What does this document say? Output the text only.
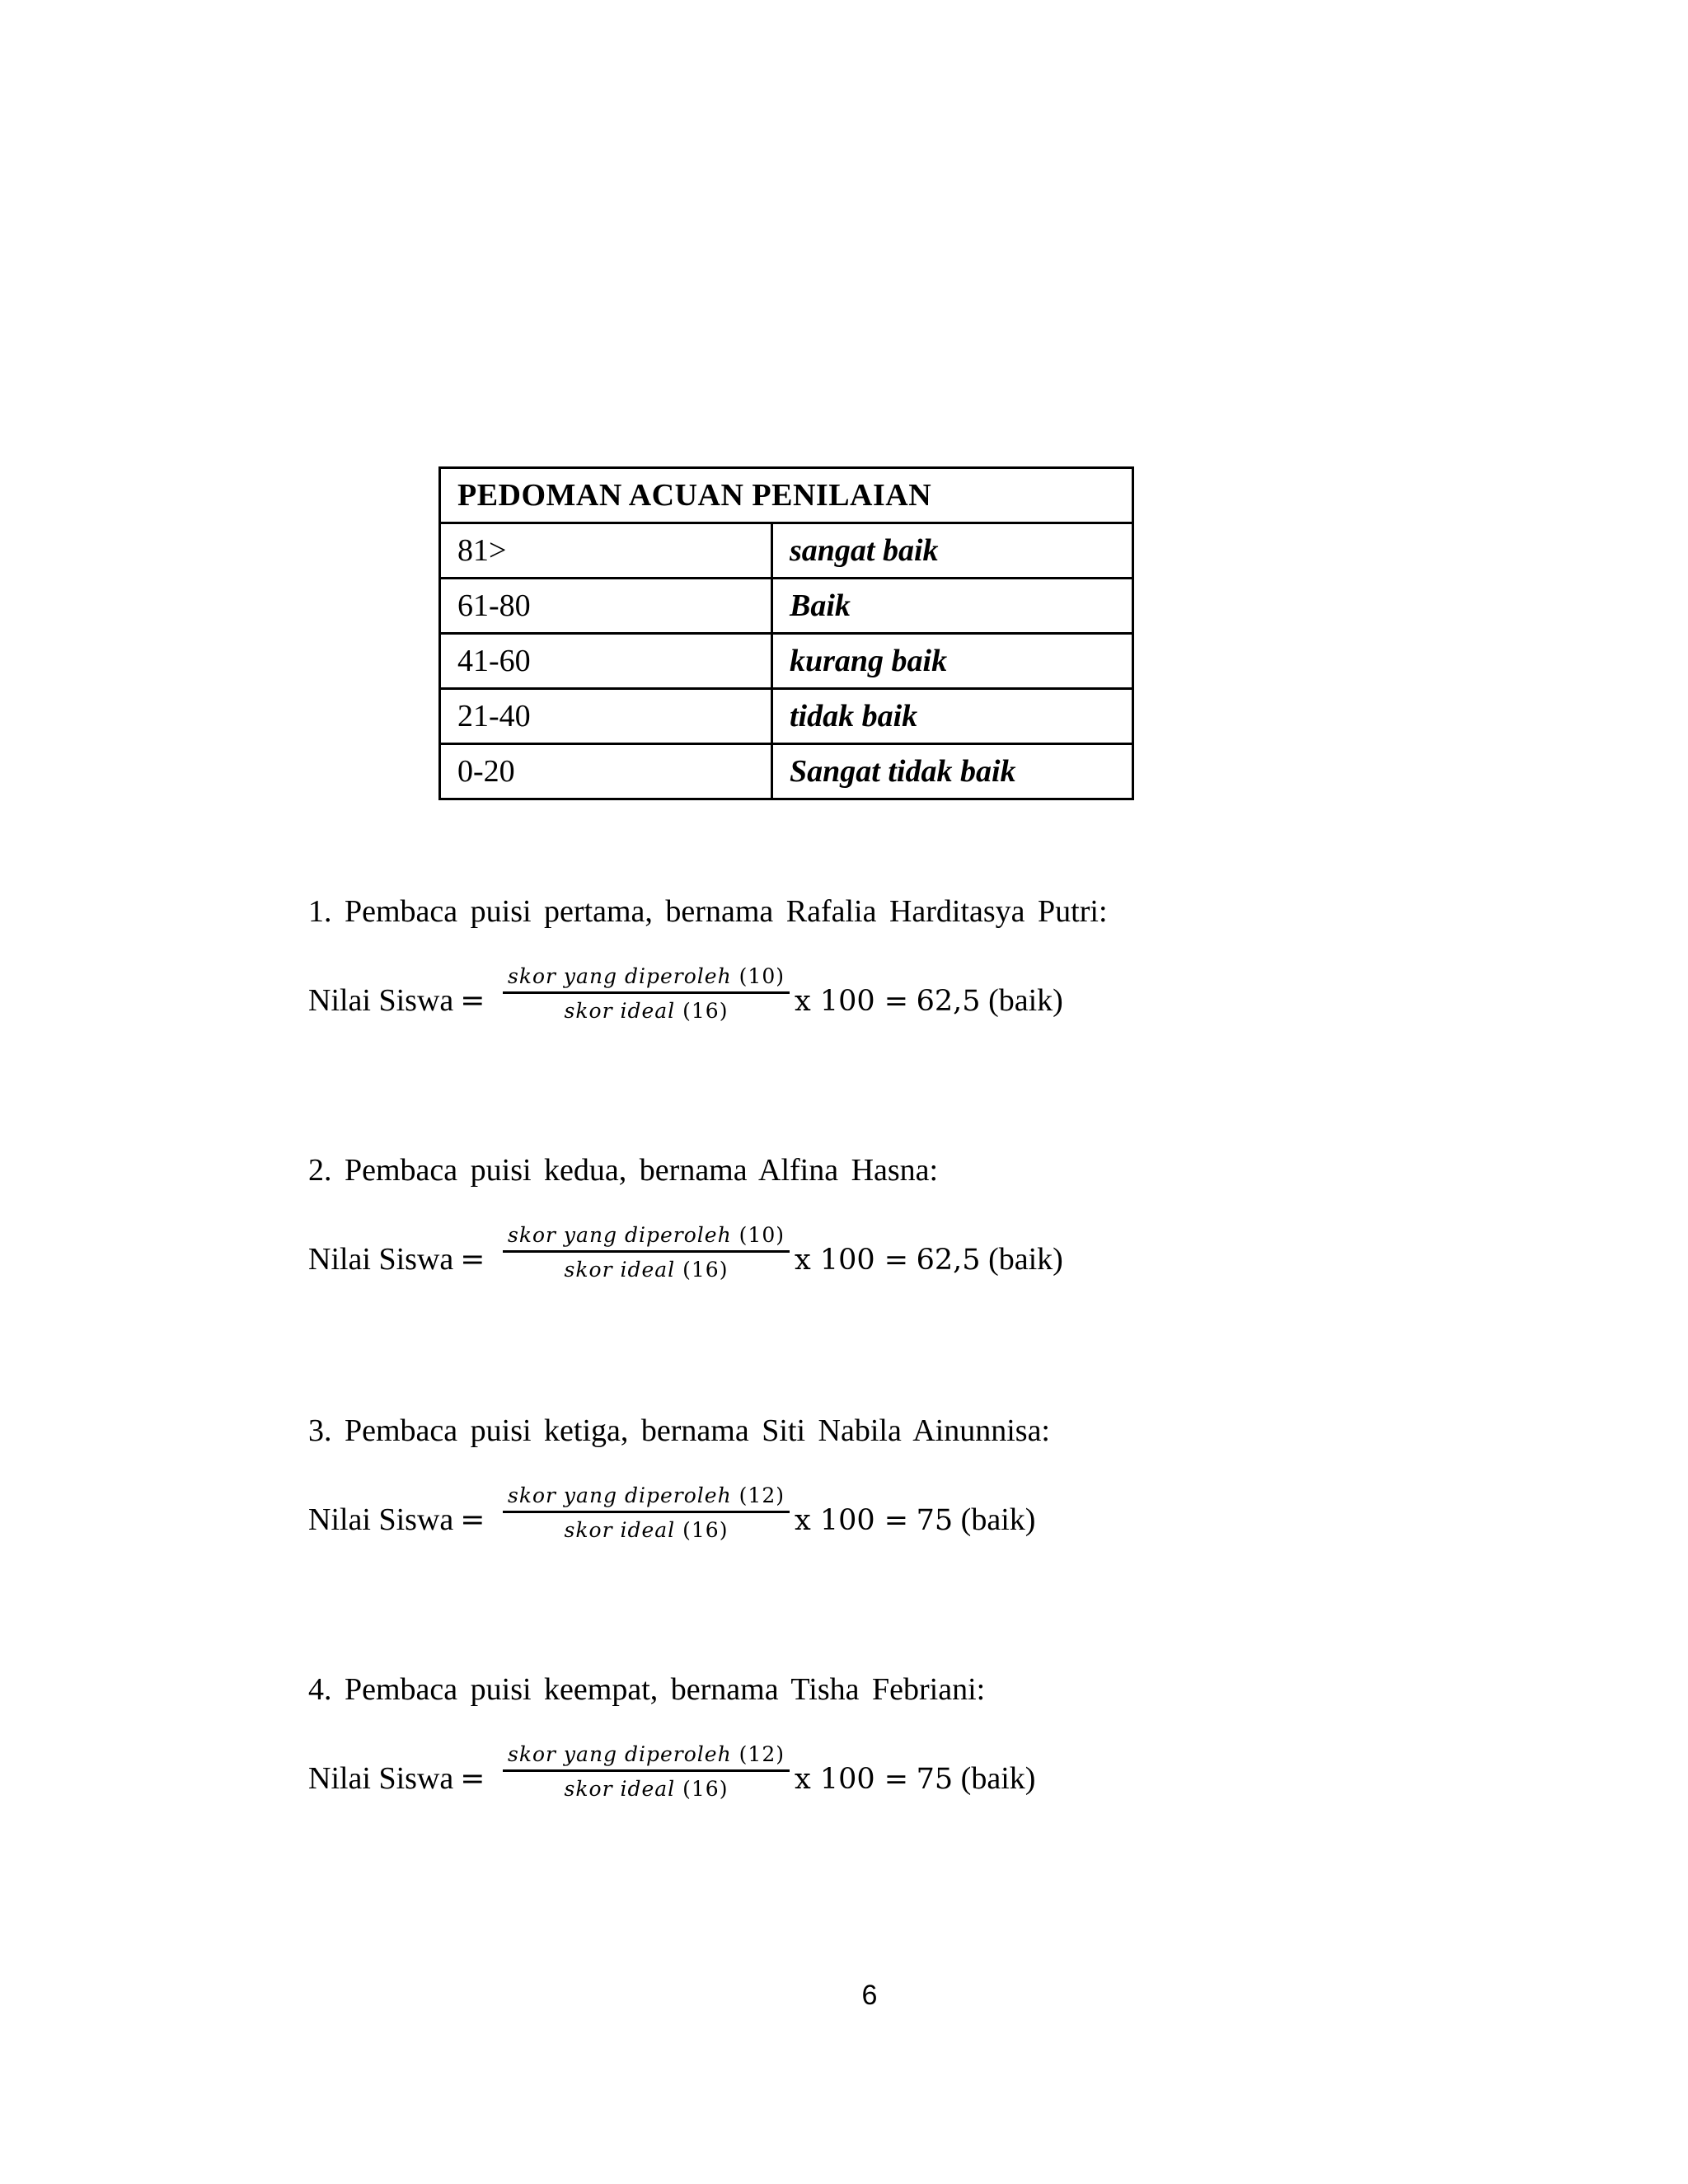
PEDOMAN ACUAN PENILAIAN	
81>	sangat baik
61-80	Baik
41-60	kurang baik
21-40	tidak baik
0-20	Sangat tidak baik
1. Pembaca puisi pertama, bernama Rafalia Harditasya Putri:
Nilai Siswa =
skor yang diperoleh (10)
skor ideal (16)	x 100 = 62,5 (baik)
2. Pembaca puisi kedua, bernama Alfina Hasna:
Nilai Siswa =
skor yang diperoleh (10)
skor ideal (16)	x 100 = 62,5 (baik)
3. Pembaca puisi ketiga, bernama Siti Nabila Ainunnisa:
Nilai Siswa =
skor yang diperoleh (12)
skor ideal (16)	x 100 = 75 (baik)
4. Pembaca puisi keempat, bernama Tisha Febriani:
Nilai Siswa =
skor yang diperoleh (12)
skor ideal (16)	x 100 = 75 (baik)
6
